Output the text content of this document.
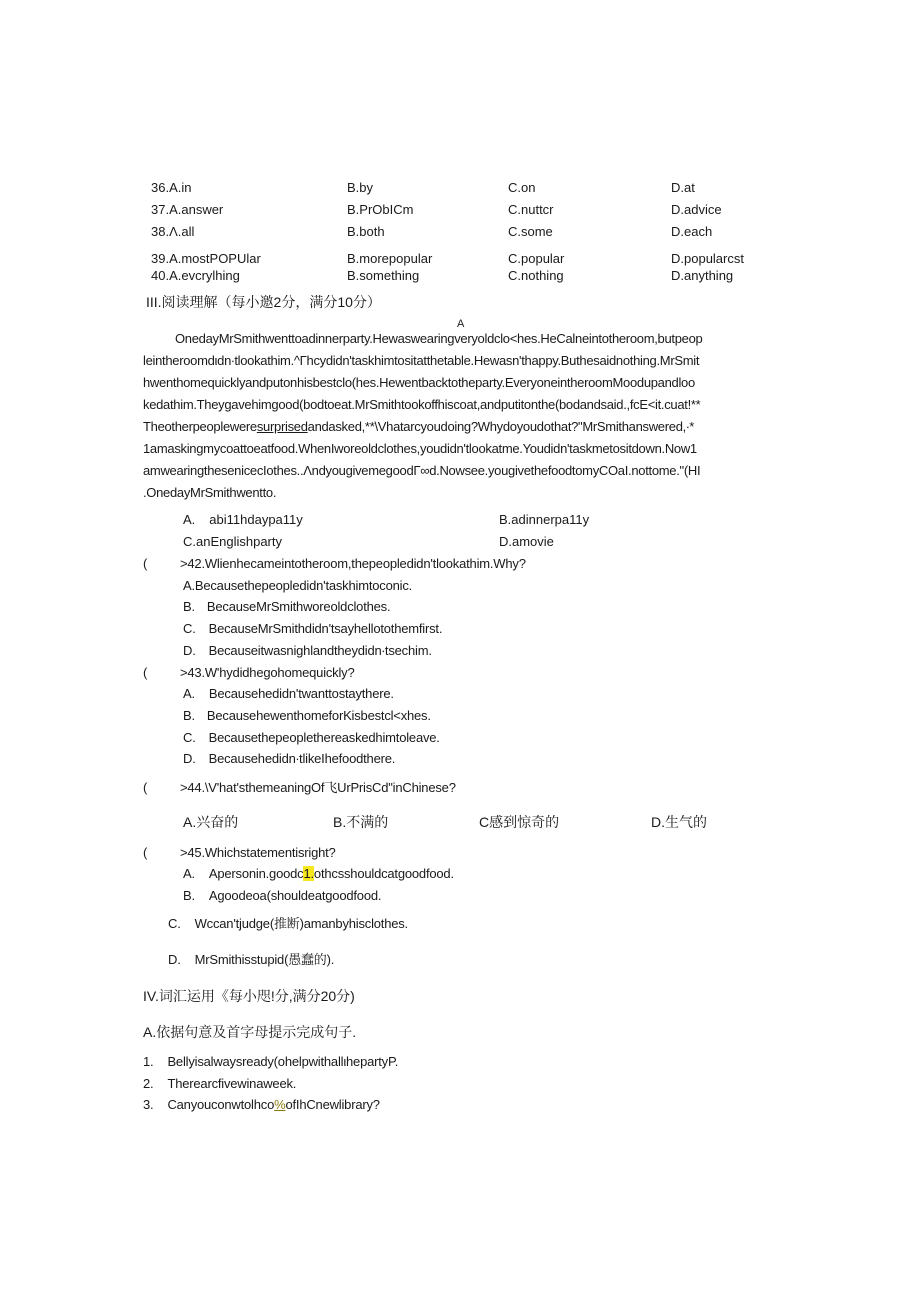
36.A.in	B.by	C.on	D.at
37.A.answer	B.PrObICm	C.nuttcr	D.advice
38.Λ.all	B.both	C.some	D.each
39.A.mostPOPUlar	B.morepopular	C.popular	D.popularcst
40.A.evcrylhing	B.something	C.nothing	D.anything
III.阅读理解（每小邀2分，满分10分）
A

OnedayMrSmithwenttoadinnerparty.Hewaswearingveryoldclo<hes.HeCalneintotheroom,butpeop

leintheroomdιdn∙tlookathim.^Γhcydidn'taskhimtositatthetable.Hewasn'thappy.Buthesaidnothing.MrSmit

hwenthomequicklyandputonhisbestclo(hes.Hewentbacktotheparty.EveryoneintheroomMoodupandloo

kedathim.Theygavehimgood(bodtoeat.MrSmithtookoffhiscoat,andputitonthe(bodandsaid.,fcE<it.cuat!**

Theotherpeopleweresurprisedandasked,**\Vhatarcyoudoing?Whydoyoudothat?"MrSmithanswered,∙*

1amaskingmycoattoeatfood.WhenIworeoldclothes,youdidn'tlookatme.Youdidn'taskmetositdown.Now1

amwearingthesenicecIothes..ΛndyougivemegoodΓ∞d.Nowsee.yougivethefoodtomyCOaI.nottome."(HI

.OnedayMrSmithwentto.

A. abi11hdaypa11y	B.adinnerpa11y
C.anEnglishparty	D.amovie
(	>42.Wlienhecameintotheroom,thepeopledidn'tlookathim.Why?
A.Becausethepeopledidn'taskhimtoconic.
B. BecauseMrSmithworeoldclothes.
C. BecauseMrSmithdidn'tsayhellotothemfirst.
D. Becauseitwasnighlandtheydidn∙tsechim.
(	>43.W'hydidhegohomequickly?
A. Becausehedidn'twanttostaythere.
B. BecausehewenthomeforKisbestcl<xhes.
C. Becausethepeoplethereaskedhimtoleave.
D. Becausehedidn∙tlikeIhefoodthere.
(	>44.\V'hat'sthemeaningOf飞UrPrisCd"inChinese?
A.兴奋的	B.不满的	C感到惊奇的	D.生气的
(	>45.Whichstatementisright?
A. Apersonin.goodc1.othcsshouldcatgoodfood.
B. Agoodeoa(shouldeatgoodfood.
C. Wccan'tjudge(推断)amanbyhisclothes.
D. MrSmithisstupid(愚蠢的).
IV.词汇运用《每小咫!分,满分20分)
A.依据句意及首字母提示完成句子.
1. Bellyisalwaysready(ohelpwithallιhepartyP.
2. Therearcfivewinaweek.
3. Canyouconwtolhco%ofIhCnewlibrary?
